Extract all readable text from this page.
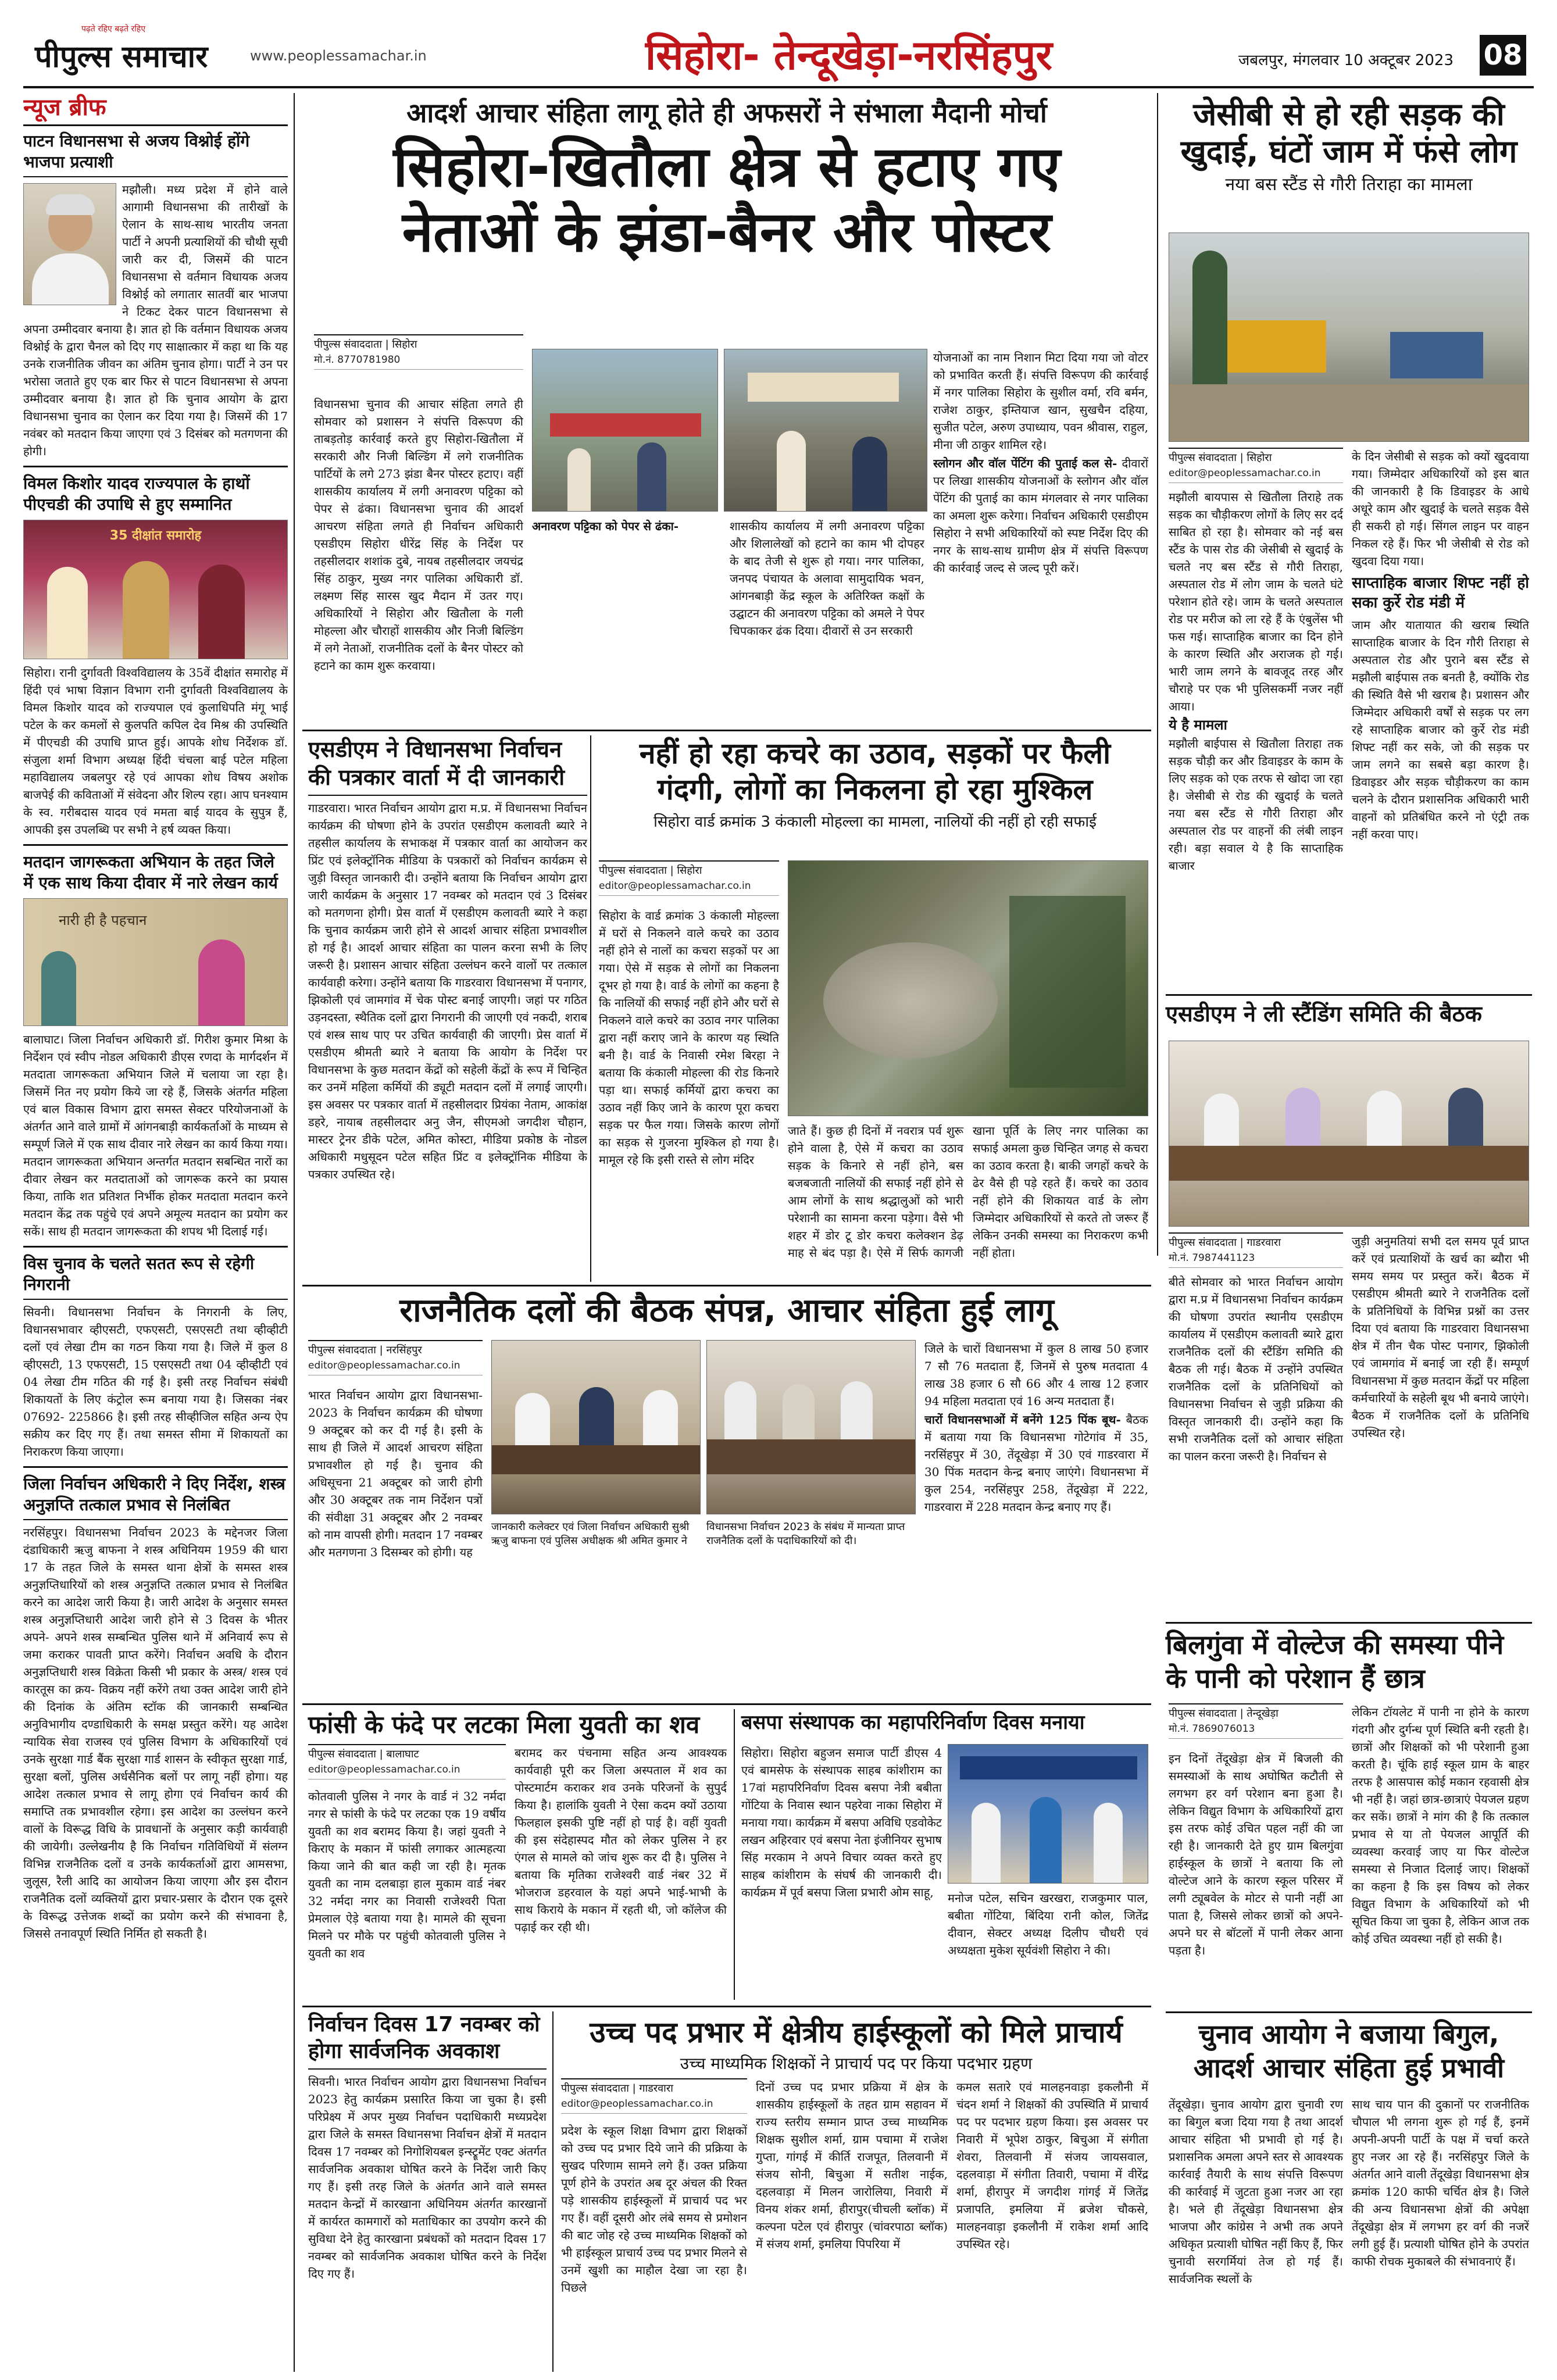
पीपुल्स समाचार
पढ़ते रहिए बढ़ते रहिए
www.peoplessamachar.in	सिहोरा- तेन्दूखेड़ा-नरसिंहपुर	जबलपुर, मंगलवार 10 अक्टूबर 2023 08
न्यूज ब्रीफ
पाटन विधानसभा से अजय विश्नोई होंगे भाजपा प्रत्याशी
मझौली। मध्य प्रदेश में होने वाले आगामी विधानसभा की तारीखों के ऐलान के साथ-साथ भारतीय जनता पार्टी ने अपनी प्रत्याशियों की चौथी सूची जारी कर दी, जिसमें की पाटन विधानसभा से वर्तमान विधायक अजय विश्नोई को लगातार सातवीं बार भाजपा ने टिकट देकर पाटन विधानसभा से अपना उम्मीदवार बनाया है। ज्ञात हो कि वर्तमान विधायक अजय विश्नोई के द्वारा चैनल को दिए गए साक्षात्कार में कहा था कि यह उनके राजनीतिक जीवन का अंतिम चुनाव होगा। पार्टी ने उन पर भरोसा जताते हुए एक बार फिर से पाटन विधानसभा से अपना उम्मीदवार बनाया है। ज्ञात हो कि चुनाव आयोग के द्वारा विधानसभा चुनाव का ऐलान कर दिया गया है। जिसमें की 17 नवंबर को मतदान किया जाएगा एवं 3 दिसंबर को मतगणना की होगी।
विमल किशोर यादव राज्यपाल के हाथों पीएचडी की उपाधि से हुए सम्मानित
35 दीक्षांत समारोह
सिहोरा। रानी दुर्गावती विश्वविद्यालय के 35वें दीक्षांत समारोह में हिंदी एवं भाषा विज्ञान विभाग रानी दुर्गावती विश्वविद्यालय के विमल किशोर यादव को राज्यपाल एवं कुलाधिपति मंगू भाई पटेल के कर कमलों से कुलपति कपिल देव मिश्र की उपस्थिति में पीएचडी की उपाधि प्राप्त हुई। आपके शोध निर्देशक डॉ. संजुला शर्मा विभाग अध्यक्ष हिंदी चंचला बाई पटेल महिला महाविद्यालय जबलपुर रहे एवं आपका शोध विषय अशोक बाजपेई की कविताओं में संवेदना और शिल्प रहा। आप घनश्याम के स्व. गरीबदास यादव एवं ममता बाई यादव के सुपुत्र हैं, आपकी इस उपलब्धि पर सभी ने हर्ष व्यक्त किया।
मतदान जागरूकता अभियान के तहत जिले में एक साथ किया दीवार में नारे लेखन कार्य
नारी ही है पहचान
बालाघाट। जिला निर्वाचन अधिकारी डॉ. गिरीश कुमार मिश्रा के निर्देशन एवं स्वीप नोडल अधिकारी डीएस रणदा के मार्गदर्शन में मतदाता जागरूकता अभियान जिले में चलाया जा रहा है। जिसमें नित नए प्रयोग किये जा रहे हैं, जिसके अंतर्गत महिला एवं बाल विकास विभाग द्वारा समस्त सेक्टर परियोजनाओं के अंतर्गत आने वाले ग्रामों में आंगनबाड़ी कार्यकर्ताओं के माध्यम से सम्पूर्ण जिले में एक साथ दीवार नारे लेखन का कार्य किया गया। मतदान जागरूकता अभियान अन्तर्गत मतदान सबन्धित नारों का दीवार लेखन कर मतदाताओं को जागरूक करने का प्रयास किया, ताकि शत प्रतिशत निर्भीक होकर मतदाता मतदान करने मतदान केंद्र तक पहुंचे एवं अपने अमूल्य मतदान का प्रयोग कर सकें। साथ ही मतदान जागरूकता की शपथ भी दिलाई गई।
विस चुनाव के चलते सतत रूप से रहेगी निगरानी
सिवनी। विधानसभा निर्वाचन के निगरानी के लिए, विधानसभावार व्हीएसटी, एफएसटी, एसएसटी तथा व्हीव्हीटी दलों एवं लेखा टीम का गठन किया गया है। जिले में कुल 8 व्हीएसटी, 13 एफएसटी, 15 एसएसटी तथा 04 व्हीव्हीटी एवं 04 लेखा टीम गठित की गई है। इसी तरह निर्वाचन संबंधी शिकायतों के लिए कंट्रोल रूम बनाया गया है। जिसका नंबर 07692- 225866 है। इसी तरह सीव्हीजिल सहित अन्य ऐप सक्रीय कर दिए गए हैं। तथा समस्त सीमा में शिकायतों का निराकरण किया जाएगा।
जिला निर्वाचन अधिकारी ने दिए निर्देश, शस्त्र अनुज्ञप्ति तत्काल प्रभाव से निलंबित
नरसिंहपुर। विधानसभा निर्वाचन 2023 के मद्देनजर जिला दंडाधिकारी ऋजु बाफना ने शस्त्र अधिनियम 1959 की धारा 17 के तहत जिले के समस्त थाना क्षेत्रों के समस्त शस्त्र अनुज्ञप्तिधारियों को शस्त्र अनुज्ञप्ति तत्काल प्रभाव से निलंबित करने का आदेश जारी किया है। जारी आदेश के अनुसार समस्त शस्त्र अनुज्ञप्तिधारी आदेश जारी होने से 3 दिवस के भीतर अपने- अपने शस्त्र सम्बन्धित पुलिस थाने में अनिवार्य रूप से जमा कराकर पावती प्राप्त करेंगे। निर्वाचन अवधि के दौरान अनुज्ञप्तिधारी शस्त्र विक्रेता किसी भी प्रकार के अस्त्र/ शस्त्र एवं कारतूस का क्रय- विक्रय नहीं करेंगे तथा उक्त आदेश जारी होने की दिनांक के अंतिम स्टॉक की जानकारी सम्बन्धित अनुविभागीय दण्डाधिकारी के समक्ष प्रस्तुत करेंगे। यह आदेश न्यायिक सेवा राजस्व एवं पुलिस विभाग के अधिकारियों एवं उनके सुरक्षा गार्ड बैंक सुरक्षा गार्ड शासन के स्वीकृत सुरक्षा गार्ड, सुरक्षा बलों, पुलिस अर्धसैनिक बलों पर लागू नहीं होगा। यह आदेश तत्काल प्रभाव से लागू होगा एवं निर्वाचन कार्य की समाप्ति तक प्रभावशील रहेगा। इस आदेश का उल्लंघन करने वालों के विरूद्ध विधि के प्रावधानों के अनुसार कड़ी कार्यवाही की जायेगी। उल्लेखनीय है कि निर्वाचन गतिविधियों में संलग्न विभिन्न राजनैतिक दलों व उनके कार्यकर्ताओं द्वारा आमसभा, जुलूस, रैली आदि का आयोजन किया जाएगा और इस दौरान राजनैतिक दलों व्यक्तियों द्वारा प्रचार-प्रसार के दौरान एक दूसरे के विरूद्ध उत्तेजक शब्दों का प्रयोग करने की संभावना है, जिससे तनावपूर्ण स्थिति निर्मित हो सकती है।
आदर्श आचार संहिता लागू होते ही अफसरों ने संभाला मैदानी मोर्चा
सिहोरा-खितौला क्षेत्र से हटाए गए
नेताओं के झंडा-बैनर और पोस्टर
पीपुल्स संवाददाता | सिहोरा
मो.नं. 8770781980
विधानसभा चुनाव की आचार संहिता लगते ही सोमवार को प्रशासन ने संपत्ति विरूपण की ताबड़तोड़ कार्रवाई करते हुए सिहोरा-खितौला में सरकारी और निजी बिल्डिंग में लगे राजनीतिक पार्टियों के लगे 273 झंडा बैनर पोस्टर हटाए। वहीं शासकीय कार्यालय में लगी अनावरण पट्टिका को पेपर से ढंका। विधानसभा चुनाव की आदर्श आचरण संहिता लगते ही निर्वाचन अधिकारी एसडीएम सिहोरा धीरेंद्र सिंह के निर्देश पर तहसीलदार शशांक दुबे, नायब तहसीलदार जयचंद्र सिंह ठाकुर, मुख्य नगर पालिका अधिकारी डॉ. लक्ष्मण सिंह सारस खुद मैदान में उतर गए। अधिकारियों ने सिहोरा और खितौला के गली मोहल्ला और चौराहों शासकीय और निजी बिल्डिंग में लगे नेताओं, राजनीतिक दलों के बैनर पोस्टर को हटाने का काम शुरू करवाया।
अनावरण पट्टिका को पेपर से ढंका-	शासकीय कार्यालय में लगी अनावरण पट्टिका और शिलालेखों को हटाने का काम भी दोपहर के बाद तेजी से शुरू हो गया। नगर पालिका, जनपद पंचायत के अलावा सामुदायिक भवन, आंगनबाड़ी केंद्र स्कूल के अतिरिक्त कक्षों के उद्घाटन की अनावरण पट्टिका को अमले ने पेपर चिपकाकर ढंक दिया। दीवारों से उन सरकारी

योजनाओं का नाम निशान मिटा दिया गया जो वोटर को प्रभावित करती हैं। संपत्ति विरूपण की कार्रवाई में नगर पालिका सिहोरा के सुशील वर्मा, रवि बर्मन, राजेश ठाकुर, इम्तियाज खान, सुखचैन दहिया, सुजीत पटेल, अरुण उपाध्याय, पवन श्रीवास, राहुल, मीना जी ठाकुर शामिल रहे।

स्लोगन और वॉल पेंटिंग की पुताई कल से- दीवारों पर लिखा शासकीय योजनाओं के स्लोगन और वॉल पेंटिंग की पुताई का काम मंगलवार से नगर पालिका का अमला शुरू करेगा। निर्वाचन अधिकारी एसडीएम सिहोरा ने सभी अधिकारियों को स्पष्ट निर्देश दिए की नगर के साथ-साथ ग्रामीण क्षेत्र में संपत्ति विरूपण की कार्रवाई जल्द से जल्द पूरी करें।

जेसीबी से हो रही सड़क की खुदाई, घंटों जाम में फंसे लोग
नया बस स्टैंड से गौरी तिराहा का मामला
पीपुल्स संवाददाता | सिहोरा
editor@peoplessamachar.co.in

मझौली बायपास से खितौला तिराहे तक सड़क का चौड़ीकरण लोगों के लिए सर दर्द साबित हो रहा है। सोमवार को नई बस स्टैंड के पास रोड की जेसीबी से खुदाई के चलते नए बस स्टैंड से गौरी तिराहा, अस्पताल रोड में लोग जाम के चलते घंटे परेशान होते रहे। जाम के चलते अस्पताल रोड पर मरीज को ला रहे हैं के एंबुलेंस भी फस गई। साप्ताहिक बाजार का दिन होने के कारण स्थिति और अराजक हो गई। भारी जाम लगने के बावजूद तरह और चौराहे पर एक भी पुलिसकर्मी नजर नहीं आया।

ये है मामला

मझौली बाईपास से खितौला तिराहा तक सड़क चौड़ी कर और डिवाइडर के काम के लिए सड़क को एक तरफ से खोदा जा रहा है। जेसीबी से रोड की खुदाई के चलते नया बस स्टैंड से गौरी तिराहा और अस्पताल रोड पर वाहनों की लंबी लाइन रही। बड़ा सवाल ये है कि साप्ताहिक बाजार

के दिन जेसीबी से सड़क को क्यों खुदवाया गया। जिम्मेदार अधिकारियों को इस बात की जानकारी है कि डिवाइडर के आधे अधूरे काम और खुदाई के चलते सड़क वैसे ही सकरी हो गई। सिंगल लाइन पर वाहन निकल रहे हैं। फिर भी जेसीबी से रोड को खुदवा दिया गया।

साप्ताहिक बाजार शिफ्ट नहीं हो सका कुर्रे रोड मंडी में

जाम और यातायात की खराब स्थिति साप्ताहिक बाजार के दिन गौरी तिराहा से अस्पताल रोड और पुराने बस स्टैंड से मझौली बाईपास तक बनती है, क्योंकि रोड की स्थिति वैसे भी खराब है। प्रशासन और जिम्मेदार अधिकारी वर्षों से सड़क पर लग रहे साप्ताहिक बाजार को कुर्रे रोड मंडी शिफ्ट नहीं कर सके, जो की सड़क पर जाम लगने का सबसे बड़ा कारण है। डिवाइडर और सड़क चौड़ीकरण का काम चलने के दौरान प्रशासनिक अधिकारी भारी वाहनों को प्रतिबंधित करने नो एंट्री तक नहीं करवा पाए।

एसडीएम ने विधानसभा निर्वाचन की पत्रकार वार्ता में दी जानकारी
गाडरवारा। भारत निर्वाचन आयोग द्वारा म.प्र. में विधानसभा निर्वाचन कार्यक्रम की घोषणा होने के उपरांत एसडीएम कलावती ब्यारे ने तहसील कार्यालय के सभाकक्ष में पत्रकार वार्ता का आयोजन कर प्रिंट एवं इलेक्ट्रॉनिक मीडिया के पत्रकारों को निर्वाचन कार्यक्रम से जुड़ी विस्तृत जानकारी दी। उन्होंने बताया कि निर्वाचन आयोग द्वारा जारी कार्यक्रम के अनुसार 17 नवम्बर को मतदान एवं 3 दिसंबर को मतगणना होगी। प्रेस वार्ता में एसडीएम कलावती ब्यारे ने कहा कि चुनाव कार्यक्रम जारी होने से आदर्श आचार संहिता प्रभावशील हो गई है। आदर्श आचार संहिता का पालन करना सभी के लिए जरूरी है। प्रशासन आचार संहिता उल्लंघन करने वालों पर तत्काल कार्यवाही करेगा। उन्होंने बताया कि गाडरवारा विधानसभा में पनागर, झिकोली एवं जामगांव में चेक पोस्ट बनाई जाएगी। जहां पर गठित उड़नदस्ता, स्थैतिक दलों द्वारा निगरानी की जाएगी एवं नकदी, शराब एवं शस्त्र साथ पाए पर उचित कार्यवाही की जाएगी। प्रेस वार्ता में एसडीएम श्रीमती ब्यारे ने बताया कि आयोग के निर्देश पर विधानसभा के कुछ मतदान केंद्रों को सहेली केंद्रों के रूप में चिन्हित कर उनमें महिला कर्मियों की ड्यूटी मतदान दलों में लगाई जाएगी। इस अवसर पर पत्रकार वार्ता में तहसीलदार प्रियंका नेताम, आकांक्ष डहरे, नायाब तहसीलदार अनु जैन, सीएमओ जगदीश चौहान, मास्टर ट्रेनर डीके पटेल, अमित कोस्टा, मीडिया प्रकोष्ठ के नोडल अधिकारी मधुसूदन पटेल सहित प्रिंट व इलेक्ट्रॉनिक मीडिया के पत्रकार उपस्थित रहे।
नहीं हो रहा कचरे का उठाव, सड़कों पर फैली
गंदगी, लोगों का निकलना हो रहा मुश्किल
सिहोरा वार्ड क्रमांक 3 कंकाली मोहल्ला का मामला, नालियों की नहीं हो रही सफाई
पीपुल्स संवाददाता | सिहोरा
editor@peoplessamachar.co.in
सिहोरा के वार्ड क्रमांक 3 कंकाली मोहल्ला में घरों से निकलने वाले कचरे का उठाव नहीं होने से नालों का कचरा सड़कों पर आ गया। ऐसे में सड़क से लोगों का निकलना दूभर हो गया है। वार्ड के लोगों का कहना है कि नालियों की सफाई नहीं होने और घरों से निकलने वाले कचरे का उठाव नगर पालिका द्वारा नहीं कराए जाने के कारण यह स्थिति बनी है। वार्ड के निवासी रमेश बिरहा ने बताया कि कंकाली मोहल्ला की रोड किनारे पड़ा था। सफाई कर्मियों द्वारा कचरा का उठाव नहीं किए जाने के कारण पूरा कचरा सड़क पर फैल गया। जिसके कारण लोगों का सड़क से गुजरना मुश्किल हो गया है। मामूल रहे कि इसी रास्ते से लोग मंदिर
जाते हैं। कुछ ही दिनों में नवरात्र पर्व शुरू होने वाला है, ऐसे में कचरा का उठाव सड़क के किनारे से नहीं होने, बस बजबजाती नालियों की सफाई नहीं होने से आम लोगों के साथ श्रद्धालुओं को भारी परेशानी का सामना करना पड़ेगा। वैसे भी शहर में डोर टू डोर कचरा कलेक्शन डेढ़ माह से बंद पड़ा है। ऐसे में सिर्फ कागजी खाना पूर्ति के लिए नगर पालिका का सफाई अमला कुछ चिन्हित जगह से कचरा का उठाव करता है। बाकी जगहों कचरे के ढेर वैसे ही पड़े रहते हैं। कचरे का उठाव नहीं होने की शिकायत वार्ड के लोग जिम्मेदार अधिकारियों से करते तो जरूर हैं लेकिन उनकी समस्या का निराकरण कभी नहीं होता।
एसडीएम ने ली स्टैंडिंग समिति की बैठक
पीपुल्स संवाददाता | गाडरवारा
मो.नं. 7987441123
बीते सोमवार को भारत निर्वाचन आयोग द्वारा म.प्र में विधानसभा निर्वाचन कार्यक्रम की घोषणा उपरांत स्थानीय एसडीएम कार्यालय में एसडीएम कलावती ब्यारे द्वारा राजनैतिक दलों की स्टैंडिंग समिति की बैठक ली गई। बैठक में उन्होंने उपस्थित राजनैतिक दलों के प्रतिनिधियों को विधानसभा निर्वाचन से जुड़ी प्रक्रिया की विस्तृत जानकारी दी। उन्होंने कहा कि सभी राजनैतिक दलों को आचार संहिता का पालन करना जरूरी है। निर्वाचन से
जुड़ी अनुमतियां सभी दल समय पूर्व प्राप्त करें एवं प्रत्याशियों के खर्च का ब्यौरा भी समय समय पर प्रस्तुत करें। बैठक में एसडीएम श्रीमती ब्यारे ने राजनैतिक दलों के प्रतिनिधियों के विभिन्न प्रश्नों का उत्तर दिया एवं बताया कि गाडरवारा विधानसभा क्षेत्र में तीन चैक पोस्ट पनागर, झिकोली एवं जामगांव में बनाई जा रही हैं। सम्पूर्ण विधानसभा में कुछ मतदान केंद्रों पर महिला कर्मचारियों के सहेली बूथ भी बनाये जाएंगे। बैठक में राजनैतिक दलों के प्रतिनिधि उपस्थित रहे।
राजनैतिक दलों की बैठक संपन्न, आचार संहिता हुई लागू
पीपुल्स संवाददाता | नरसिंहपुर
editor@peoplessamachar.co.in
भारत निर्वाचन आयोग द्वारा विधानसभा- 2023 के निर्वाचन कार्यक्रम की घोषणा 9 अक्टूबर को कर दी गई है। इसी के साथ ही जिले में आदर्श आचरण संहिता प्रभावशील हो गई है। चुनाव की अधिसूचना 21 अक्टूबर को जारी होगी और 30 अक्टूबर तक नाम निर्देशन पत्रों की संवीक्षा 31 अक्टूबर और 2 नवम्बर को नाम वापसी होगी। मतदान 17 नवम्बर और मतगणना 3 दिसम्बर को होगी। यह
जानकारी कलेक्टर एवं जिला निर्वाचन अधिकारी सुश्री ऋजु बाफना एवं पुलिस अधीक्षक श्री अमित कुमार ने
विधानसभा निर्वाचन 2023 के संबंध में मान्यता प्राप्त राजनैतिक दलों के पदाधिकारियों को दी।

जिले के चारों विधानसभा में कुल 8 लाख 50 हजार 7 सौ 76 मतदाता हैं, जिनमें से पुरुष मतदाता 4 लाख 38 हजार 6 सौ 66 और 4 लाख 12 हजार 94 महिला मतदाता एवं 16 अन्य मतदाता हैं।

चारों विधानसभाओं में बनेंगे 125 पिंक बूथ- बैठक में बताया गया कि विधानसभा गोटेगांव में 35, नरसिंहपुर में 30, तेंदूखेड़ा में 30 एवं गाडरवारा में 30 पिंक मतदान केन्द्र बनाए जाएंगे। विधानसभा में कुल 254, नरसिंहपुर 258, तेंदूखेड़ा में 222, गाडरवारा में 228 मतदान केन्द्र बनाए गए हैं।

बिलगुंवा में वोल्टेज की समस्या पीने के पानी को परेशान हैं छात्र
पीपुल्स संवाददाता | तेन्दूखेड़ा
मो.नं. 7869076013
इन दिनों तेंदूखेड़ा क्षेत्र में बिजली की समस्याओं के साथ अघोषित कटौती से लगभग हर वर्ग परेशान बना हुआ है। लेकिन विद्युत विभाग के अधिकारियों द्वारा इस तरफ कोई उचित पहल नहीं की जा रही है। जानकारी देते हुए ग्राम बिलगुंवा हाईस्कूल के छात्रों ने बताया कि लो वोल्टेज आने के कारण स्कूल परिसर में लगी ट्यूबवेल के मोटर से पानी नहीं आ पाता है, जिससे लोकर छात्रों को अपने-अपने घर से बॉटलों में पानी लेकर आना पड़ता है।
लेकिन टॉयलेट में पानी ना होने के कारण गंदगी और दुर्गन्ध पूर्ण स्थिति बनी रहती है। छात्रों और शिक्षकों को भी परेशानी हुआ करती है। चूंकि हाई स्कूल ग्राम के बाहर तरफ है आसपास कोई मकान रहवासी क्षेत्र भी नहीं है। जहां छात्र-छात्राएं पेयजल ग्रहण कर सकें। छात्रों ने मांग की है कि तत्काल प्रभाव से या तो पेयजल आपूर्ति की व्यवस्था करवाई जाए या फिर वोल्टेज समस्या से निजात दिलाई जाए। शिक्षकों का कहना है कि इस विषय को लेकर विद्युत विभाग के अधिकारियों को भी सूचित किया जा चुका है, लेकिन आज तक कोई उचित व्यवस्था नहीं हो सकी है।
फांसी के फंदे पर लटका मिला युवती का शव
पीपुल्स संवाददाता | बालाघाट
editor@peoplessamachar.co.in
कोतवाली पुलिस ने नगर के वार्ड नं 32 नर्मदा नगर से फांसी के फंदे पर लटका एक 19 वर्षीय युवती का शव बरामद किया है। जहां युवती ने किराए के मकान में फांसी लगाकर आत्महत्या किया जाने की बात कही जा रही है। मृतक युवती का नाम दलबाड़ा हाल मुकाम वार्ड नंबर 32 नर्मदा नगर का निवासी राजेश्वरी पिता प्रेमलाल ऐड़े बताया गया है। मामले की सूचना मिलने पर मौके पर पहुंची कोतवाली पुलिस ने युवती का शव
बरामद कर पंचनामा सहित अन्य आवश्यक कार्यवाही पूरी कर जिला अस्पताल में शव का पोस्टमार्टम कराकर शव उनके परिजनों के सुपुर्द किया है। हालांकि युवती ने ऐसा कदम क्यों उठाया फिलहाल इसकी पुष्टि नहीं हो पाई है। वहीं युवती की इस संदेहास्पद मौत को लेकर पुलिस ने हर एंगल से मामले को जांच शुरू कर दी है। पुलिस ने बताया कि मृतिका राजेश्वरी वार्ड नंबर 32 में भोजराज डहरवाल के यहां अपने भाई-भाभी के साथ किराये के मकान में रहती थी, जो कॉलेज की पढ़ाई कर रही थी।
बसपा संस्थापक का महापरिनिर्वाण दिवस मनाया
सिहोरा। सिहोरा बहुजन समाज पार्टी डीएस 4 एवं बामसेफ के संस्थापक साहब कांशीराम का 17वां महापरिनिर्वाण दिवस बसपा नेत्री बबीता गोंटिया के निवास स्थान पहरेवा नाका सिहोरा में मनाया गया। कार्यक्रम में बसपा अविधि एडवोकेट लखन अहिरवार एवं बसपा नेता इंजीनियर सुभाष सिंह मरकाम ने अपने विचार व्यक्त करते हुए साहब कांशीराम के संघर्ष की जानकारी दी। कार्यक्रम में पूर्व बसपा जिला प्रभारी ओम साहू,	मनोज पटेल, सचिन खरखरा, राजकुमार पाल, बबीता गोंटिया, बिंदिया रानी कोल, जितेंद्र दीवान, सेक्टर अध्यक्ष दिलीप चौधरी एवं अध्यक्षता मुकेश सूर्यवंशी सिहोरा ने की।
निर्वाचन दिवस 17 नवम्बर को होगा सार्वजनिक अवकाश
सिवनी। भारत निर्वाचन आयोग द्वारा विधानसभा निर्वाचन 2023 हेतु कार्यक्रम प्रसारित किया जा चुका है। इसी परिप्रेक्ष्य में अपर मुख्य निर्वाचन पदाधिकारी मध्यप्रदेश द्वारा जिले के समस्त विधानसभा निर्वाचन क्षेत्रों में मतदान दिवस 17 नवम्बर को निगोशियबल इन्स्ट्रूमेंट एक्ट अंतर्गत सार्वजनिक अवकाश घोषित करने के निर्देश जारी किए गए हैं। इसी तरह जिले के अंतर्गत आने वाले समस्त मतदान केन्द्रों में कारखाना अधिनियम अंतर्गत कारखानों में कार्यरत कामगारों को मताधिकार का उपयोग करने की सुविधा देने हेतु कारखाना प्रबंधकों को मतदान दिवस 17 नवम्बर को सार्वजनिक अवकाश घोषित करने के निर्देश दिए गए हैं।
उच्च पद प्रभार में क्षेत्रीय हाईस्कूलों को मिले प्राचार्य
उच्च माध्यमिक शिक्षकों ने प्राचार्य पद पर किया पदभार ग्रहण
पीपुल्स संवाददाता | गाडरवारा
editor@peoplessamachar.co.in
प्रदेश के स्कूल शिक्षा विभाग द्वारा शिक्षकों को उच्च पद प्रभार दिये जाने की प्रक्रिया के सुखद परिणाम सामने लगे हैं। उक्त प्रक्रिया पूर्ण होने के उपरांत अब दूर अंचल की रिक्त पड़े शासकीय हाईस्कूलों में प्राचार्य पद भर गए हैं। वहीं दूसरी ओर लंबे समय से प्रमोशन की बाट जोह रहे उच्च माध्यमिक शिक्षकों को भी हाईस्कूल प्राचार्य उच्च पद प्रभार मिलने से उनमें खुशी का माहौल देखा जा रहा है। पिछले
दिनों उच्च पद प्रभार प्रक्रिया में क्षेत्र के शासकीय हाईस्कूलों के तहत ग्राम सहावन में राज्य स्तरीय सम्मान प्राप्त उच्च माध्यमिक शिक्षक सुशील शर्मा, ग्राम पचामा में राजेश गुप्ता, गांगई में कीर्ति राजपूत, तिलवानी में संजय सोनी, बिचुआ में सतीश नाईक, दहलवाड़ा में मिलन जारोलिया, निवारी में विनय शंकर शर्मा, हीरापुर(चीचली ब्लॉक) में कल्पना पटेल एवं हीरापुर (चांवरपाठा ब्लॉक) में संजय शर्मा, इमलिया पिपरिया में
कमल सतारे एवं मालहनवाड़ा इकलौनी में चंदन शर्मा ने शिक्षकों की उपस्थिति में प्राचार्य पद पर पदभार ग्रहण किया। इस अवसर पर निवारी में भूपेश ठाकुर, बिचुआ में संगीता शेवरा, तिलवानी में संजय जायसवाल, दहलवाड़ा में संगीता तिवारी, पचामा में वीरेंद्र शर्मा, हीरापुर में जगदीश गांगई में जितेंद्र प्रजापति, इमलिया में ब्रजेश चौकसे, मालहनवाड़ा इकलौनी में राकेश शर्मा आदि उपस्थित रहे।
चुनाव आयोग ने बजाया बिगुल, आदर्श आचार संहिता हुई प्रभावी
तेंदूखेड़ा। चुनाव आयोग द्वारा चुनावी रण का बिगुल बजा दिया गया है तथा आदर्श आचार संहिता भी प्रभावी हो गई है। प्रशासनिक अमला अपने स्तर से आवश्यक कार्रवाई तैयारी के साथ संपत्ति विरूपण की कार्रवाई में जुटता हुआ नजर आ रहा है। भले ही तेंदूखेड़ा विधानसभा क्षेत्र भाजपा और कांग्रेस ने अभी तक अपने अधिकृत प्रत्याशी घोषित नहीं किए हैं, फिर चुनावी सरगर्मियां तेज हो गई हैं। सार्वजनिक स्थलों के
साथ चाय पान की दुकानों पर राजनीतिक चौपाल भी लगना शुरू हो गई हैं, इनमें अपनी-अपनी पार्टी के पक्ष में चर्चा करते हुए नजर आ रहे हैं। नरसिंहपुर जिले के अंतर्गत आने वाली तेंदूखेड़ा विधानसभा क्षेत्र क्रमांक 120 काफी चर्चित क्षेत्र है। जिले की अन्य विधानसभा क्षेत्रों की अपेक्षा तेंदूखेड़ा क्षेत्र में लगभग हर वर्ग की नजरें लगी हुई हैं। प्रत्याशी घोषित होने के उपरांत काफी रोचक मुकाबले की संभावनाएं हैं।
